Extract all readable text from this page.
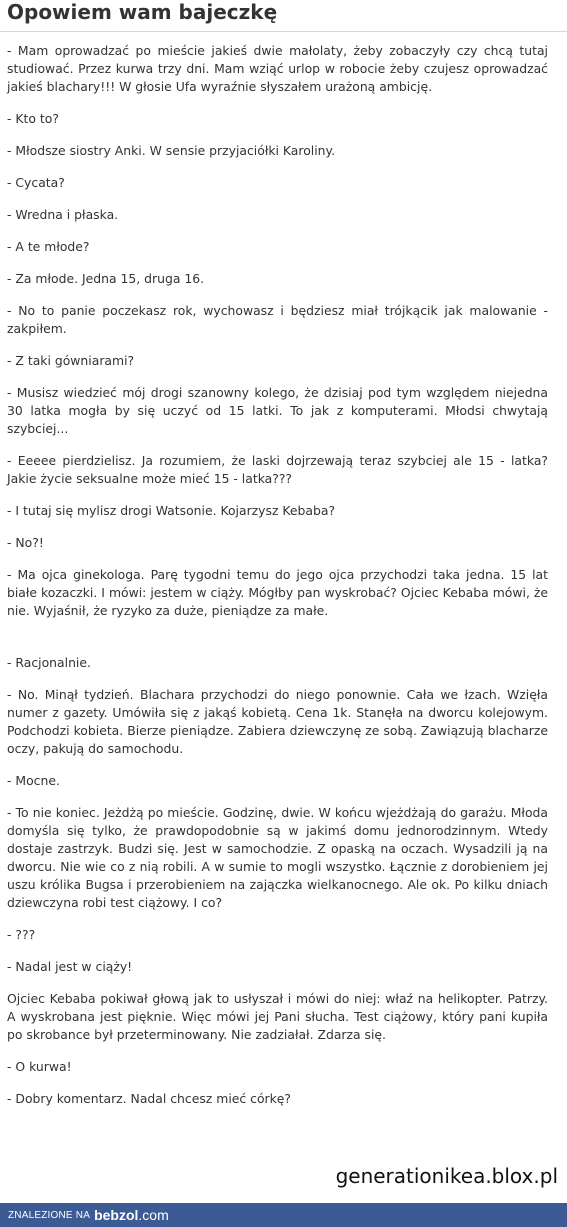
Opowiem wam bajeczkę

- Mam oprowadzać po mieście jakieś dwie małolaty, żeby zobaczyły czy chcą tutaj studiować. Przez kurwa trzy dni. Mam wziąć urlop w robocie żeby czujesz oprowadzać jakieś blachary!!! W głosie Ufa wyraźnie słyszałem urażoną ambicję.

- Kto to?

- Młodsze siostry Anki. W sensie przyjaciółki Karoliny.

- Cycata?

- Wredna i płaska.

- A te młode?

- Za młode. Jedna 15, druga 16.

- No to panie poczekasz rok, wychowasz i będziesz miał trójkącik jak malowanie - zakpiłem.

- Z taki gówniarami?

- Musisz wiedzieć mój drogi szanowny kolego, że dzisiaj pod tym względem niejedna 30 latka mogła by się uczyć od 15 latki. To jak z komputerami. Młodsi chwytają szybciej...

- Eeeee pierdzielisz. Ja rozumiem, że laski dojrzewają teraz szybciej ale 15 - latka? Jakie życie seksualne może mieć 15 - latka???

- I tutaj się mylisz drogi Watsonie. Kojarzysz Kebaba?

- No?!

- Ma ojca ginekologa. Parę tygodni temu do jego ojca przychodzi taka jedna. 15 lat białe kozaczki. I mówi: jestem w ciąży. Mógłby pan wyskrobać? Ojciec Kebaba mówi, że nie. Wyjaśnił, że ryzyko za duże, pieniądze za małe.

- Racjonalnie.

- No. Minął tydzień. Blachara przychodzi do niego ponownie. Cała we łzach. Wzięła numer z gazety. Umówiła się z jakąś kobietą. Cena 1k. Stanęła na dworcu kolejowym. Podchodzi kobieta. Bierze pieniądze. Zabiera dziewczynę ze sobą. Zawiązują blacharze oczy, pakują do samochodu.

- Mocne.

- To nie koniec. Jeżdżą po mieście. Godzinę, dwie. W końcu wjeżdżają do garażu. Młoda domyśla się tylko, że prawdopodobnie są w jakimś domu jednorodzinnym. Wtedy dostaje zastrzyk. Budzi się. Jest w samochodzie. Z opaską na oczach. Wysadzili ją na dworcu. Nie wie co z nią robili. A w sumie to mogli wszystko. Łącznie z dorobieniem jej uszu królika Bugsa i przerobieniem na zajączka wielkanocnego. Ale ok. Po kilku dniach dziewczyna robi test ciążowy. I co?

- ???

- Nadal jest w ciąży!

Ojciec Kebaba pokiwał głową jak to usłyszał i mówi do niej: właź na helikopter. Patrzy. A wyskrobana jest pięknie. Więc mówi jej Pani słucha. Test ciążowy, który pani kupiła po skrobance był przeterminowany. Nie zadziałał. Zdarza się.

- O kurwa!

- Dobry komentarz. Nadal chcesz mieć córkę?

generationikea.blox.pl
ZNALEZIONE NA bebzol.com
